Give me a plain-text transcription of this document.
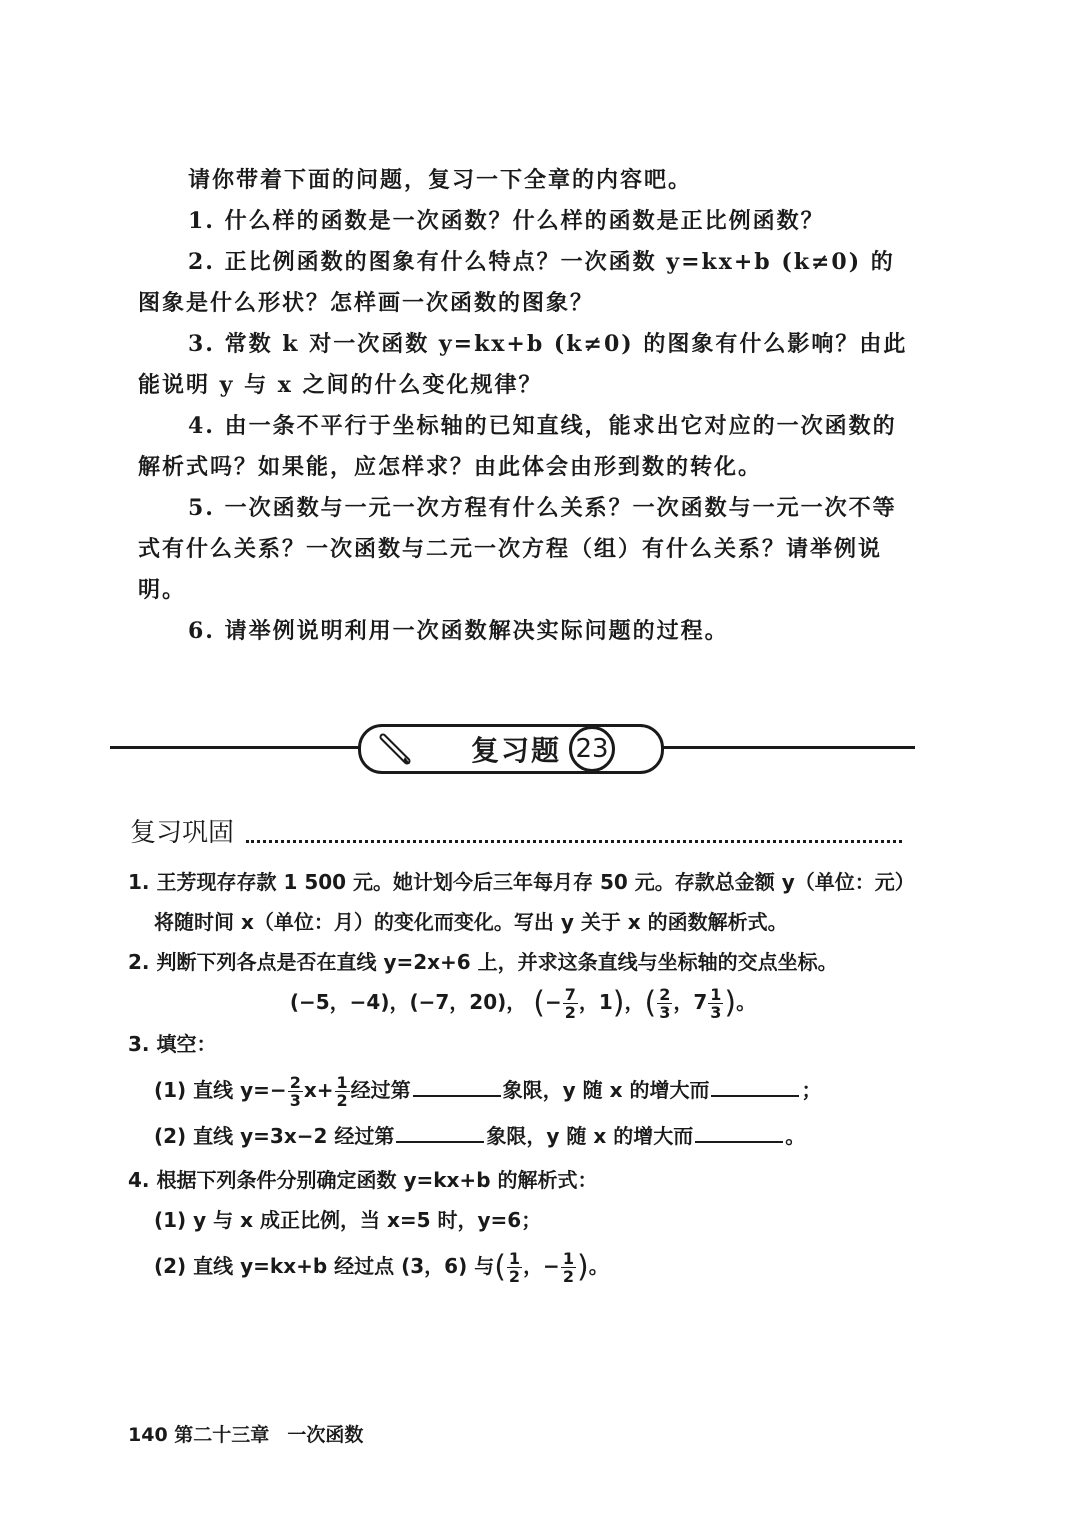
请你带着下面的问题，复习一下全章的内容吧。

1. 什么样的函数是一次函数？什么样的函数是正比例函数？

2. 正比例函数的图象有什么特点？一次函数 y=kx+b (k≠0) 的图象是什么形状？怎样画一次函数的图象？

3. 常数 k 对一次函数 y=kx+b (k≠0) 的图象有什么影响？由此能说明 y 与 x 之间的什么变化规律？

4. 由一条不平行于坐标轴的已知直线，能求出它对应的一次函数的解析式吗？如果能，应怎样求？由此体会由形到数的转化。

5. 一次函数与一元一次方程有什么关系？一次函数与一元一次不等式有什么关系？一次函数与二元一次方程（组）有什么关系？请举例说明。

6. 请举例说明利用一次函数解决实际问题的过程。

复习题 23
复习巩固

1. 王芳现存存款 1 500 元。她计划今后三年每月存 50 元。存款总金额 y（单位：元）将随时间 x（单位：月）的变化而变化。写出 y 关于 x 的函数解析式。

2. 判断下列各点是否在直线 y=2x+6 上，并求这条直线与坐标轴的交点坐标。

(−5，−4)，(−7，20)， (− $\frac{7}{2}$ ，1)，( $\frac{2}{3}$ ，$7 \frac{1}{3}$ )。

3. 填空：

(1) 直线 $y=- \frac{2}{3} x+ \frac{1}{2}$ 经过第	象限，y 随 x 的增大而	；

(2) 直线 y=3x−2 经过第	象限，y 随 x 的增大而	。

4. 根据下列条件分别确定函数 y=kx+b 的解析式：

(1) y 与 x 成正比例，当 x=5 时，y=6；

(2) 直线 y=kx+b 经过点 (3，6) 与( $\frac{1}{2}$ ，− $\frac{1}{2}$ )。

140 第二十三章 一次函数
